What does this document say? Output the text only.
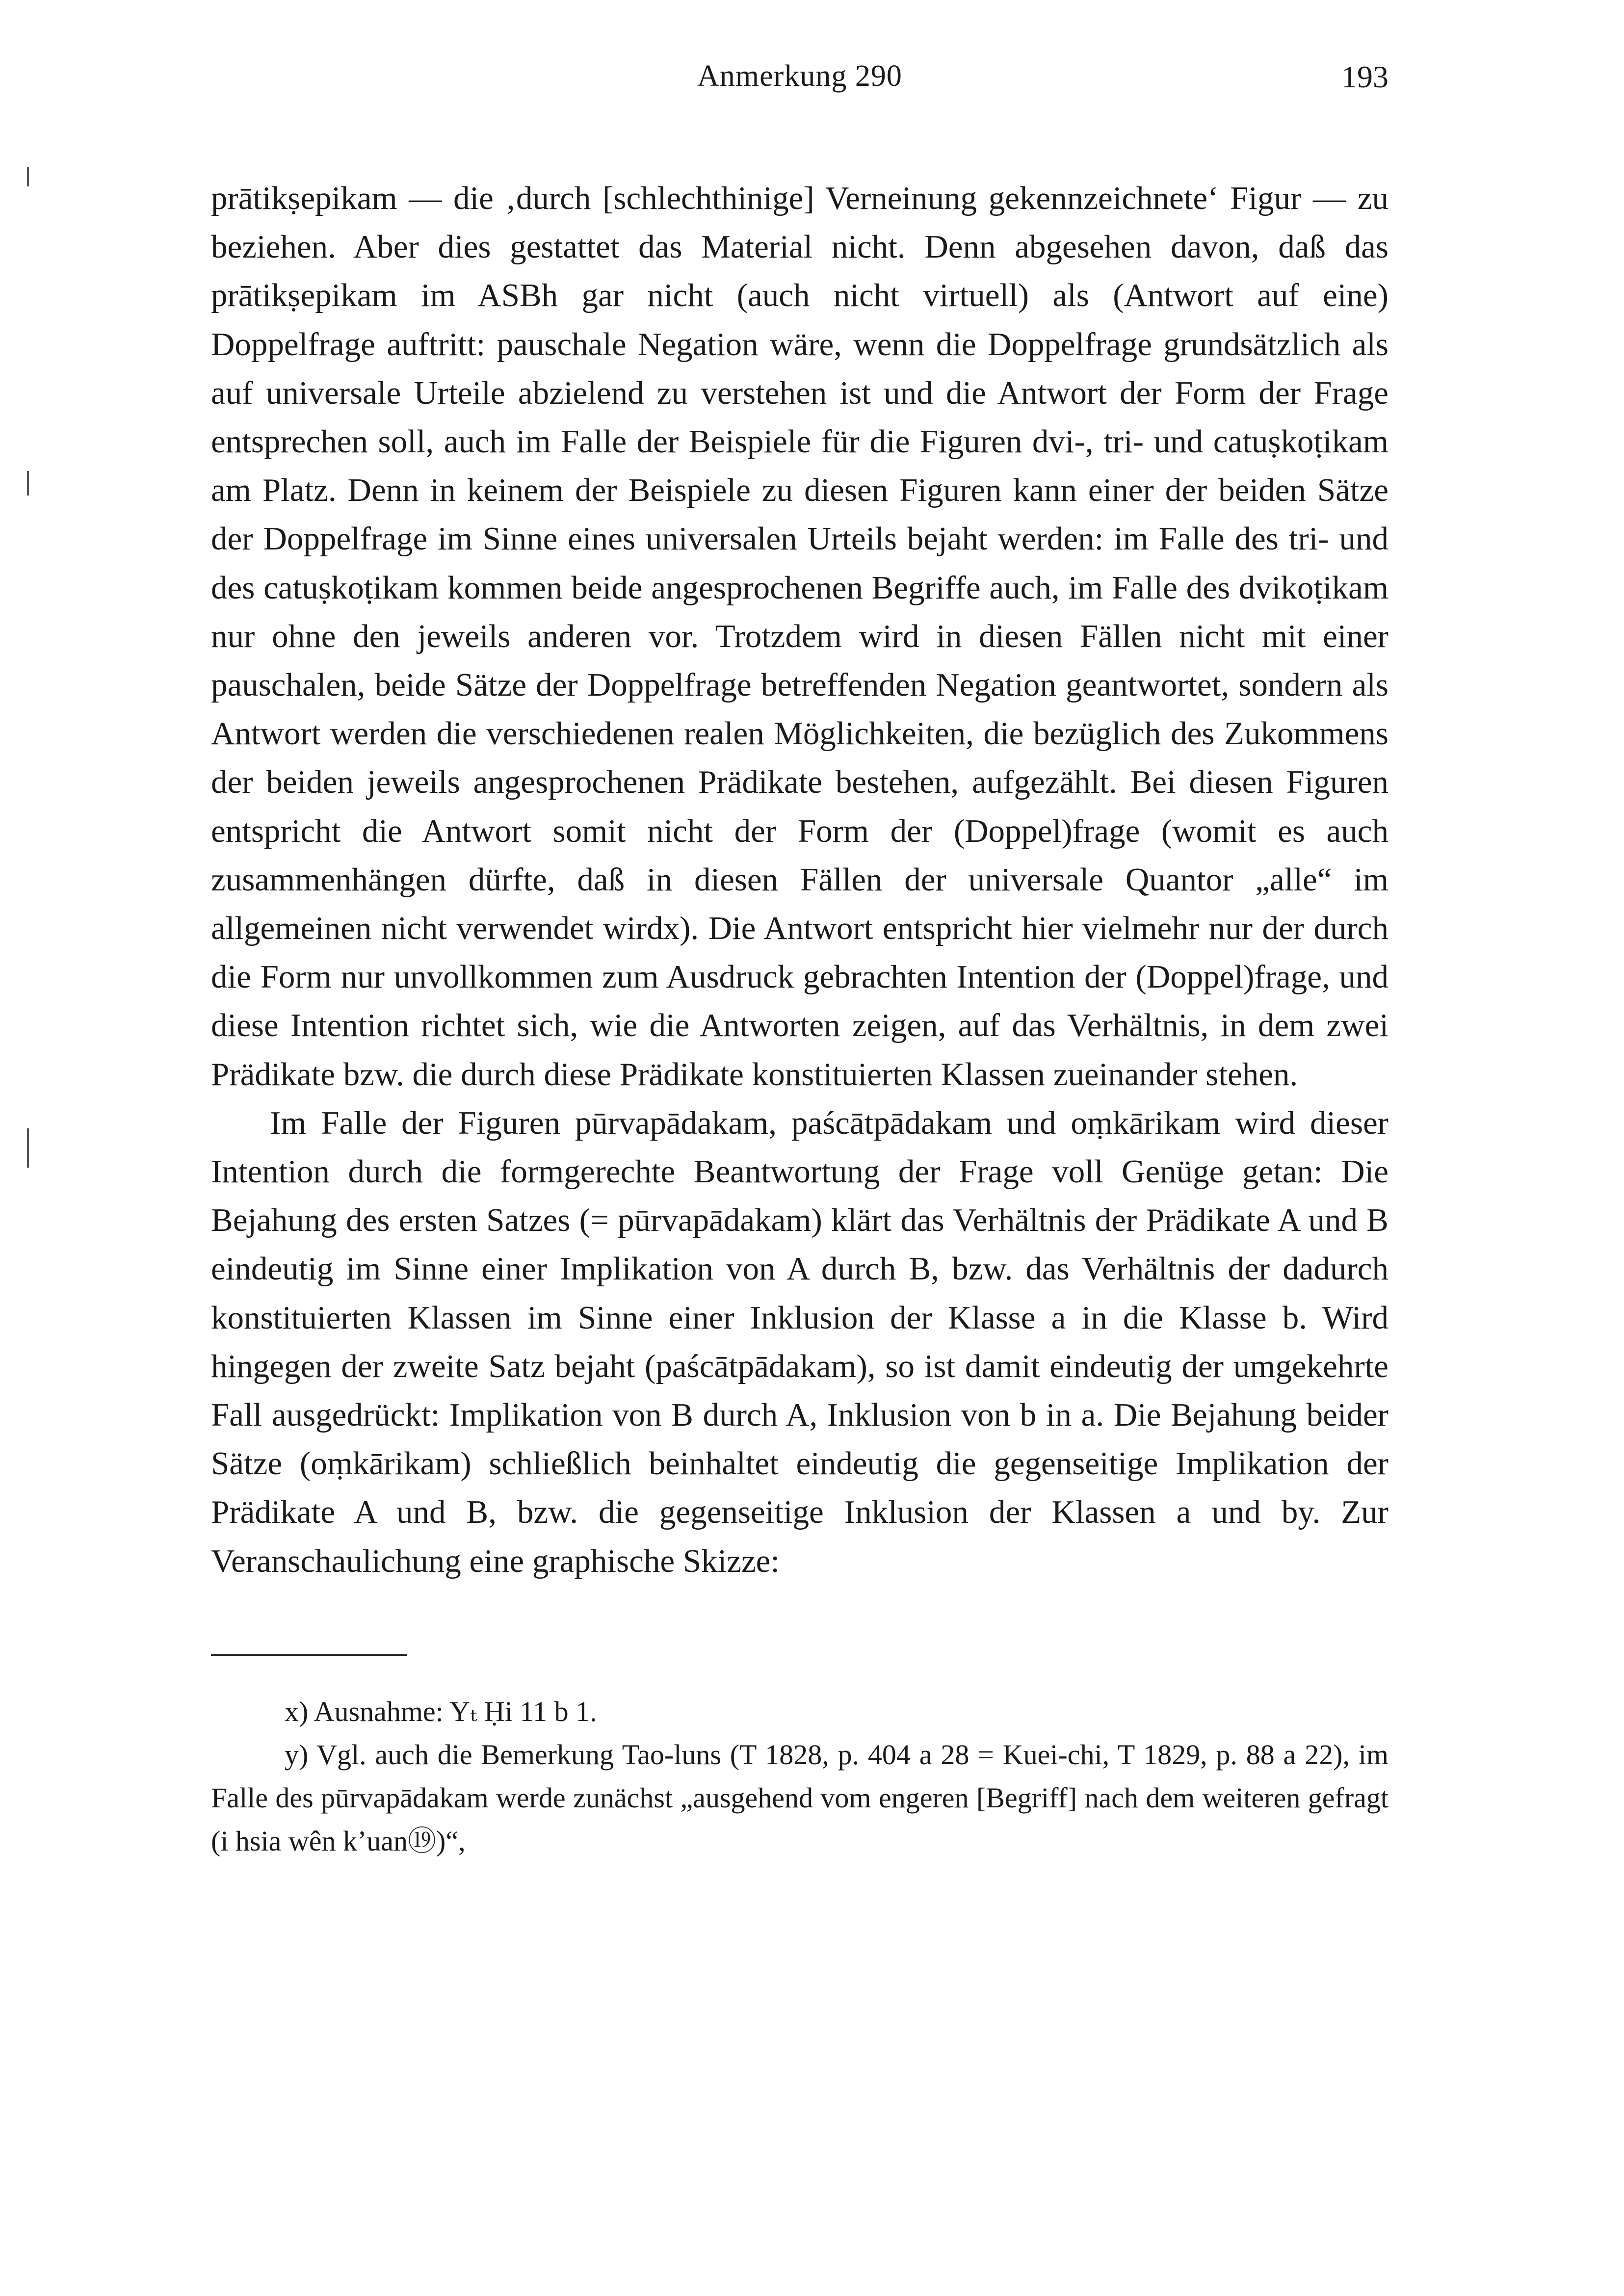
Anmerkung 290	193

prātikṣepikam — die ‚durch [schlechthinige] Verneinung gekennzeichnete‘ Figur — zu beziehen. Aber dies gestattet das Material nicht. Denn abgesehen davon, daß das prātikṣepikam im ASBh gar nicht (auch nicht virtuell) als (Antwort auf eine) Doppelfrage auftritt: pauschale Negation wäre, wenn die Doppelfrage grundsätzlich als auf universale Urteile abzielend zu verstehen ist und die Antwort der Form der Frage entsprechen soll, auch im Falle der Beispiele für die Figuren dvi-, tri- und catuṣkoṭikam am Platz. Denn in keinem der Beispiele zu diesen Figuren kann einer der beiden Sätze der Doppelfrage im Sinne eines universalen Urteils bejaht werden: im Falle des tri- und des catuṣkoṭikam kommen beide angesprochenen Begriffe auch, im Falle des dvikoṭikam nur ohne den jeweils anderen vor. Trotzdem wird in diesen Fällen nicht mit einer pauschalen, beide Sätze der Doppelfrage betreffenden Negation geantwortet, sondern als Antwort werden die verschiedenen realen Möglichkeiten, die bezüglich des Zukommens der beiden jeweils angesprochenen Prädikate bestehen, aufgezählt. Bei diesen Figuren entspricht die Antwort somit nicht der Form der (Doppel)frage (womit es auch zusammenhängen dürfte, daß in diesen Fällen der universale Quantor „alle“ im allgemeinen nicht verwendet wirdx). Die Antwort entspricht hier vielmehr nur der durch die Form nur unvollkommen zum Ausdruck gebrachten Intention der (Doppel)frage, und diese Intention richtet sich, wie die Antworten zeigen, auf das Verhältnis, in dem zwei Prädikate bzw. die durch diese Prädikate konstituierten Klassen zueinander stehen.

Im Falle der Figuren pūrvapādakam, paścātpādakam und oṃkārikam wird dieser Intention durch die formgerechte Beantwortung der Frage voll Genüge getan: Die Bejahung des ersten Satzes (= pūrvapādakam) klärt das Verhältnis der Prädikate A und B eindeutig im Sinne einer Implikation von A durch B, bzw. das Verhältnis der dadurch konstituierten Klassen im Sinne einer Inklusion der Klasse a in die Klasse b. Wird hingegen der zweite Satz bejaht (paścātpādakam), so ist damit eindeutig der umgekehrte Fall ausgedrückt: Implikation von B durch A, Inklusion von b in a. Die Bejahung beider Sätze (oṃkārikam) schließlich beinhaltet eindeutig die gegenseitige Implikation der Prädikate A und B, bzw. die gegenseitige Inklusion der Klassen a und by. Zur Veranschaulichung eine graphische Skizze:

x) Ausnahme: Yₜ Ḥi 11 b 1.

y) Vgl. auch die Bemerkung Tao-luns (T 1828, p. 404 a 28 = Kuei-chi, T 1829, p. 88 a 22), im Falle des pūrvapādakam werde zunächst „ausgehend vom engeren [Begriff] nach dem weiteren gefragt (i hsia wên k’uan⑲)“,
